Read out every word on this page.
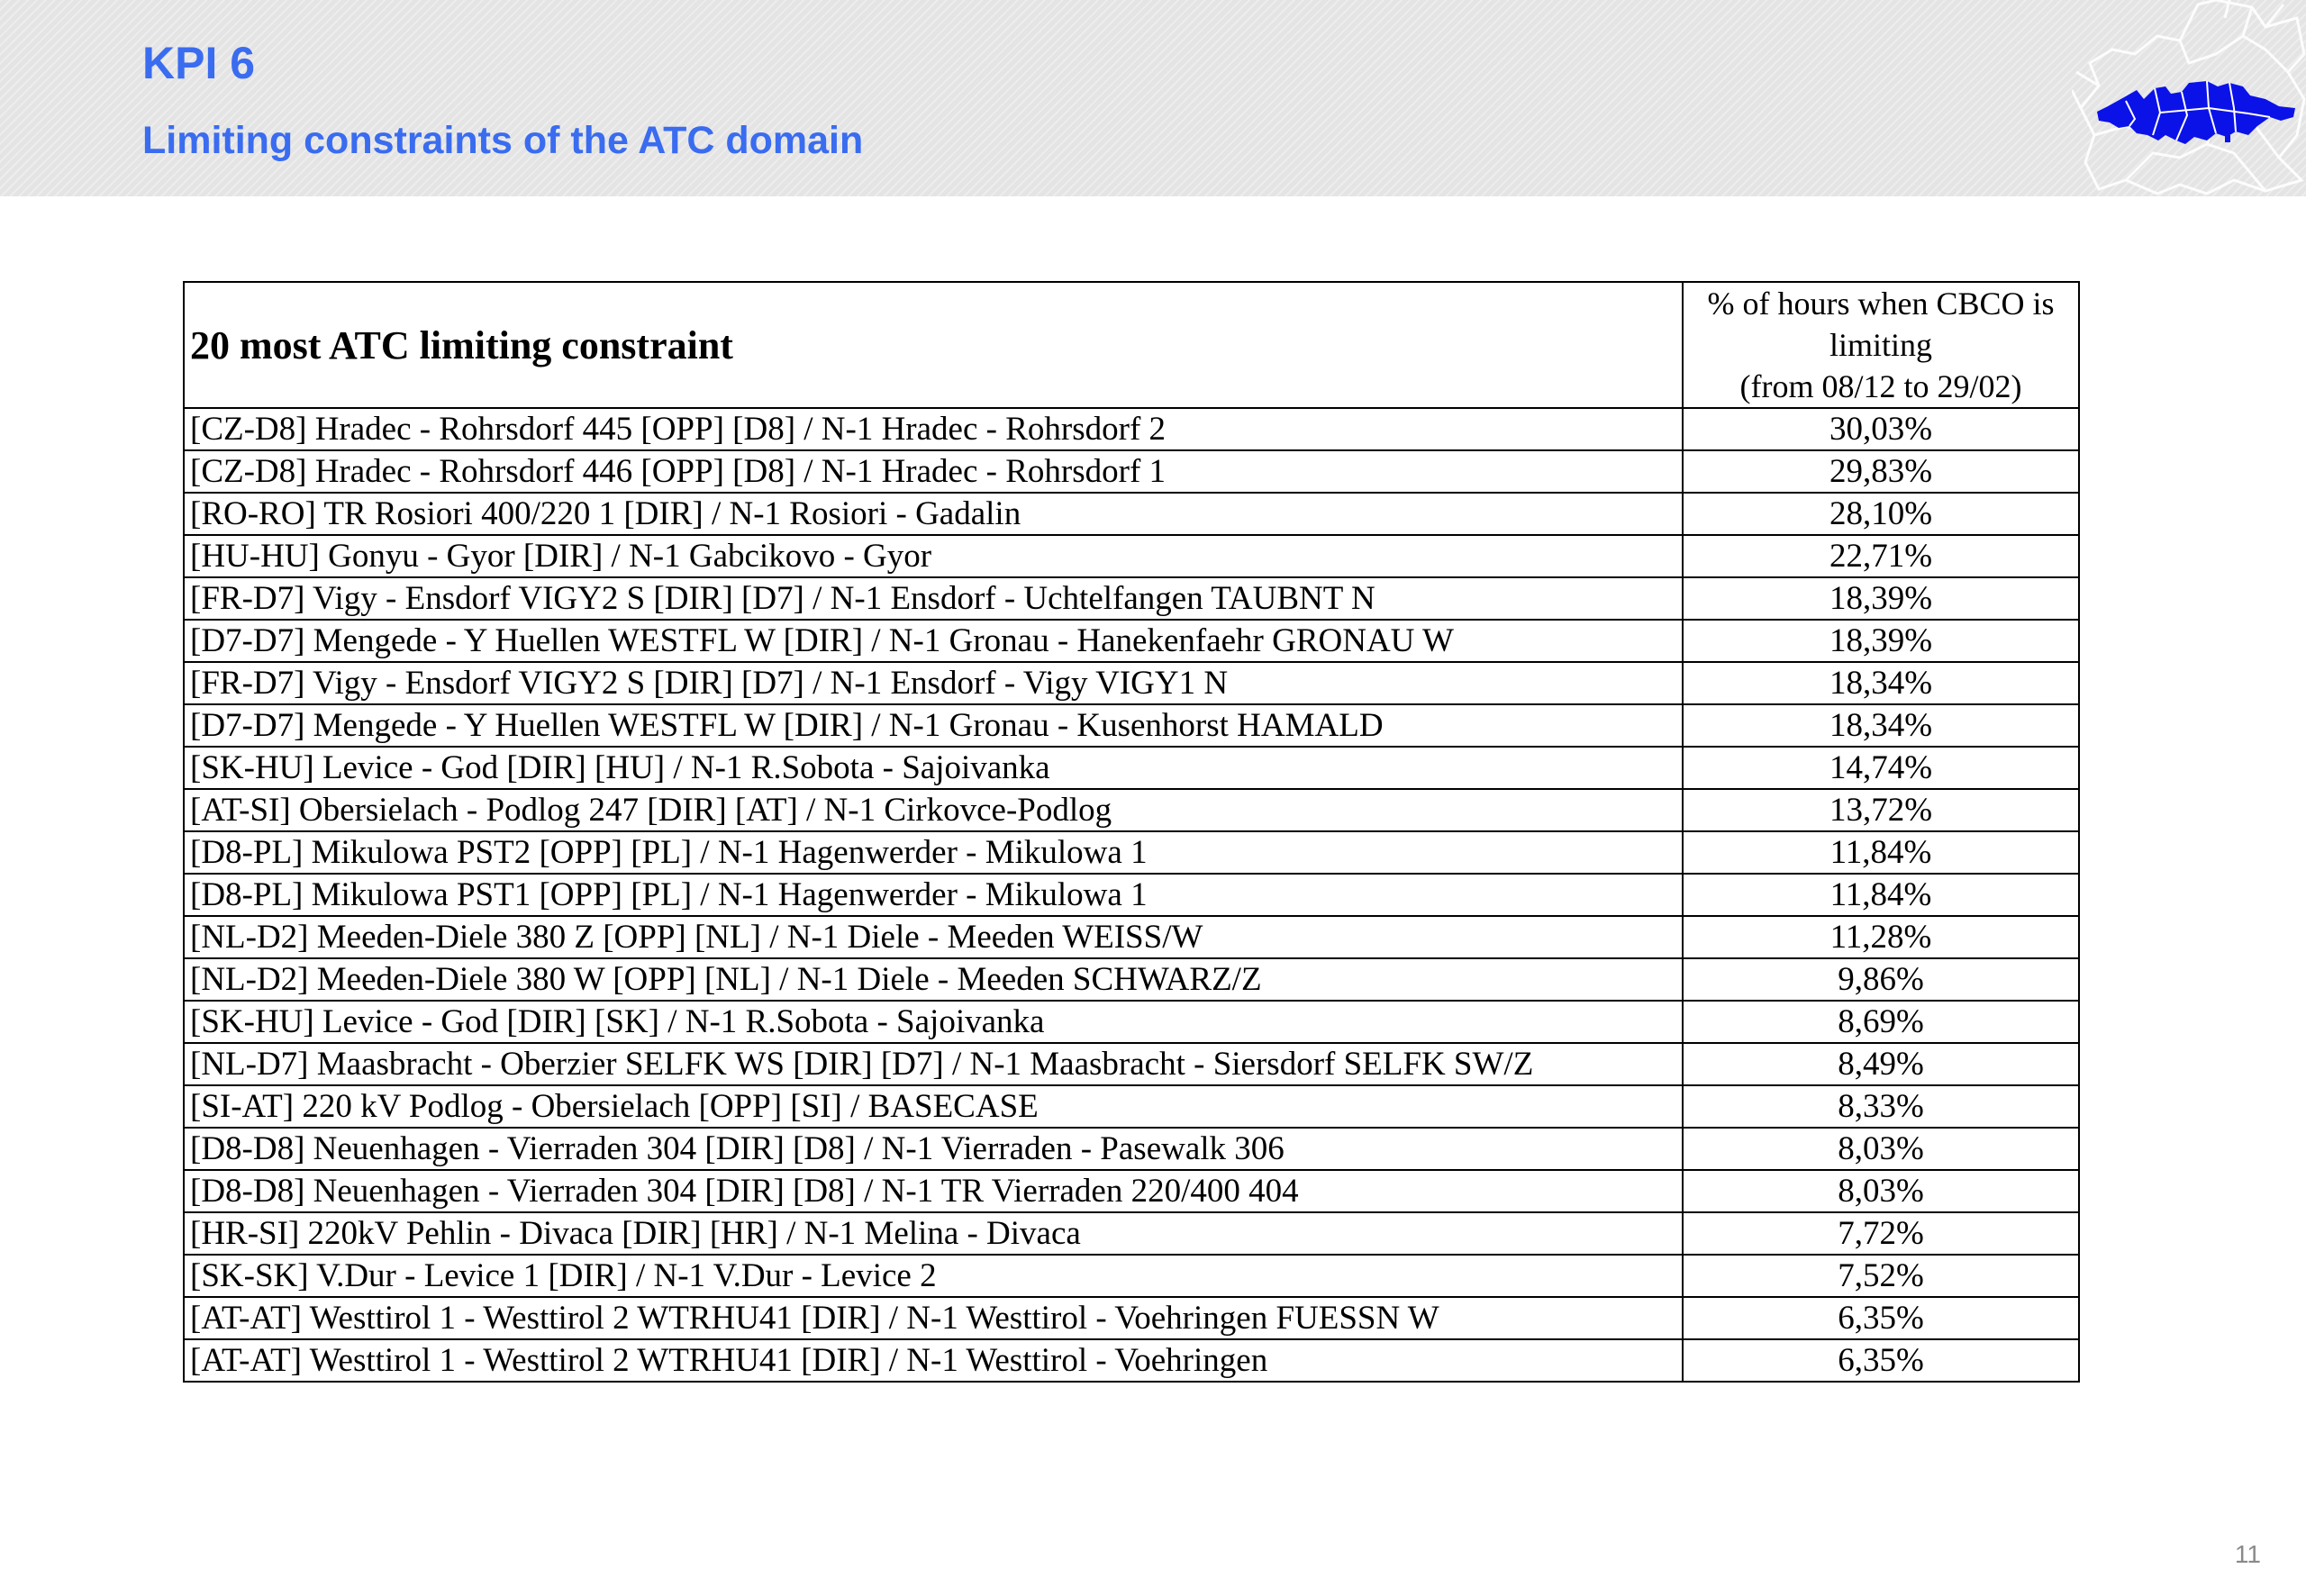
KPI 6
Limiting constraints of the ATC domain
20 most ATC limiting constraint	% of hours when CBCO is
limiting
(from 08/12 to 29/02)

[CZ-D8] Hradec - Rohrsdorf 445 [OPP] [D8] / N-1 Hradec - Rohrsdorf 2	30,03%
[CZ-D8] Hradec - Rohrsdorf 446 [OPP] [D8] / N-1 Hradec - Rohrsdorf 1	29,83%
[RO-RO] TR Rosiori 400/220 1 [DIR] / N-1 Rosiori - Gadalin	28,10%
[HU-HU] Gonyu - Gyor [DIR] / N-1 Gabcikovo - Gyor	22,71%
[FR-D7] Vigy - Ensdorf VIGY2 S [DIR] [D7] / N-1 Ensdorf - Uchtelfangen TAUBNT N	18,39%
[D7-D7] Mengede - Y Huellen WESTFL W [DIR] / N-1 Gronau - Hanekenfaehr GRONAU W	18,39%
[FR-D7] Vigy - Ensdorf VIGY2 S [DIR] [D7] / N-1 Ensdorf - Vigy VIGY1 N	18,34%
[D7-D7] Mengede - Y Huellen WESTFL W [DIR] / N-1 Gronau - Kusenhorst HAMALD	18,34%
[SK-HU] Levice - God [DIR] [HU] / N-1 R.Sobota - Sajoivanka	14,74%
[AT-SI] Obersielach - Podlog 247 [DIR] [AT] / N-1 Cirkovce-Podlog	13,72%
[D8-PL] Mikulowa PST2 [OPP] [PL] / N-1 Hagenwerder - Mikulowa 1	11,84%
[D8-PL] Mikulowa PST1 [OPP] [PL] / N-1 Hagenwerder - Mikulowa 1	11,84%
[NL-D2] Meeden-Diele 380 Z [OPP] [NL] / N-1 Diele - Meeden WEISS/W	11,28%
[NL-D2] Meeden-Diele 380 W [OPP] [NL] / N-1 Diele - Meeden SCHWARZ/Z	9,86%
[SK-HU] Levice - God [DIR] [SK] / N-1 R.Sobota - Sajoivanka	8,69%
[NL-D7] Maasbracht - Oberzier SELFK WS [DIR] [D7] / N-1 Maasbracht - Siersdorf SELFK SW/Z	8,49%
[SI-AT] 220 kV Podlog - Obersielach [OPP] [SI] / BASECASE	8,33%
[D8-D8] Neuenhagen - Vierraden 304 [DIR] [D8] / N-1 Vierraden - Pasewalk 306	8,03%
[D8-D8] Neuenhagen - Vierraden 304 [DIR] [D8] / N-1 TR Vierraden 220/400 404	8,03%
[HR-SI] 220kV Pehlin - Divaca [DIR] [HR] / N-1 Melina - Divaca	7,72%
[SK-SK] V.Dur - Levice 1 [DIR] / N-1 V.Dur - Levice 2	7,52%
[AT-AT] Westtirol 1 - Westtirol 2 WTRHU41 [DIR] / N-1 Westtirol - Voehringen FUESSN W	6,35%
[AT-AT] Westtirol 1 - Westtirol 2 WTRHU41 [DIR] / N-1 Westtirol - Voehringen	6,35%
11
